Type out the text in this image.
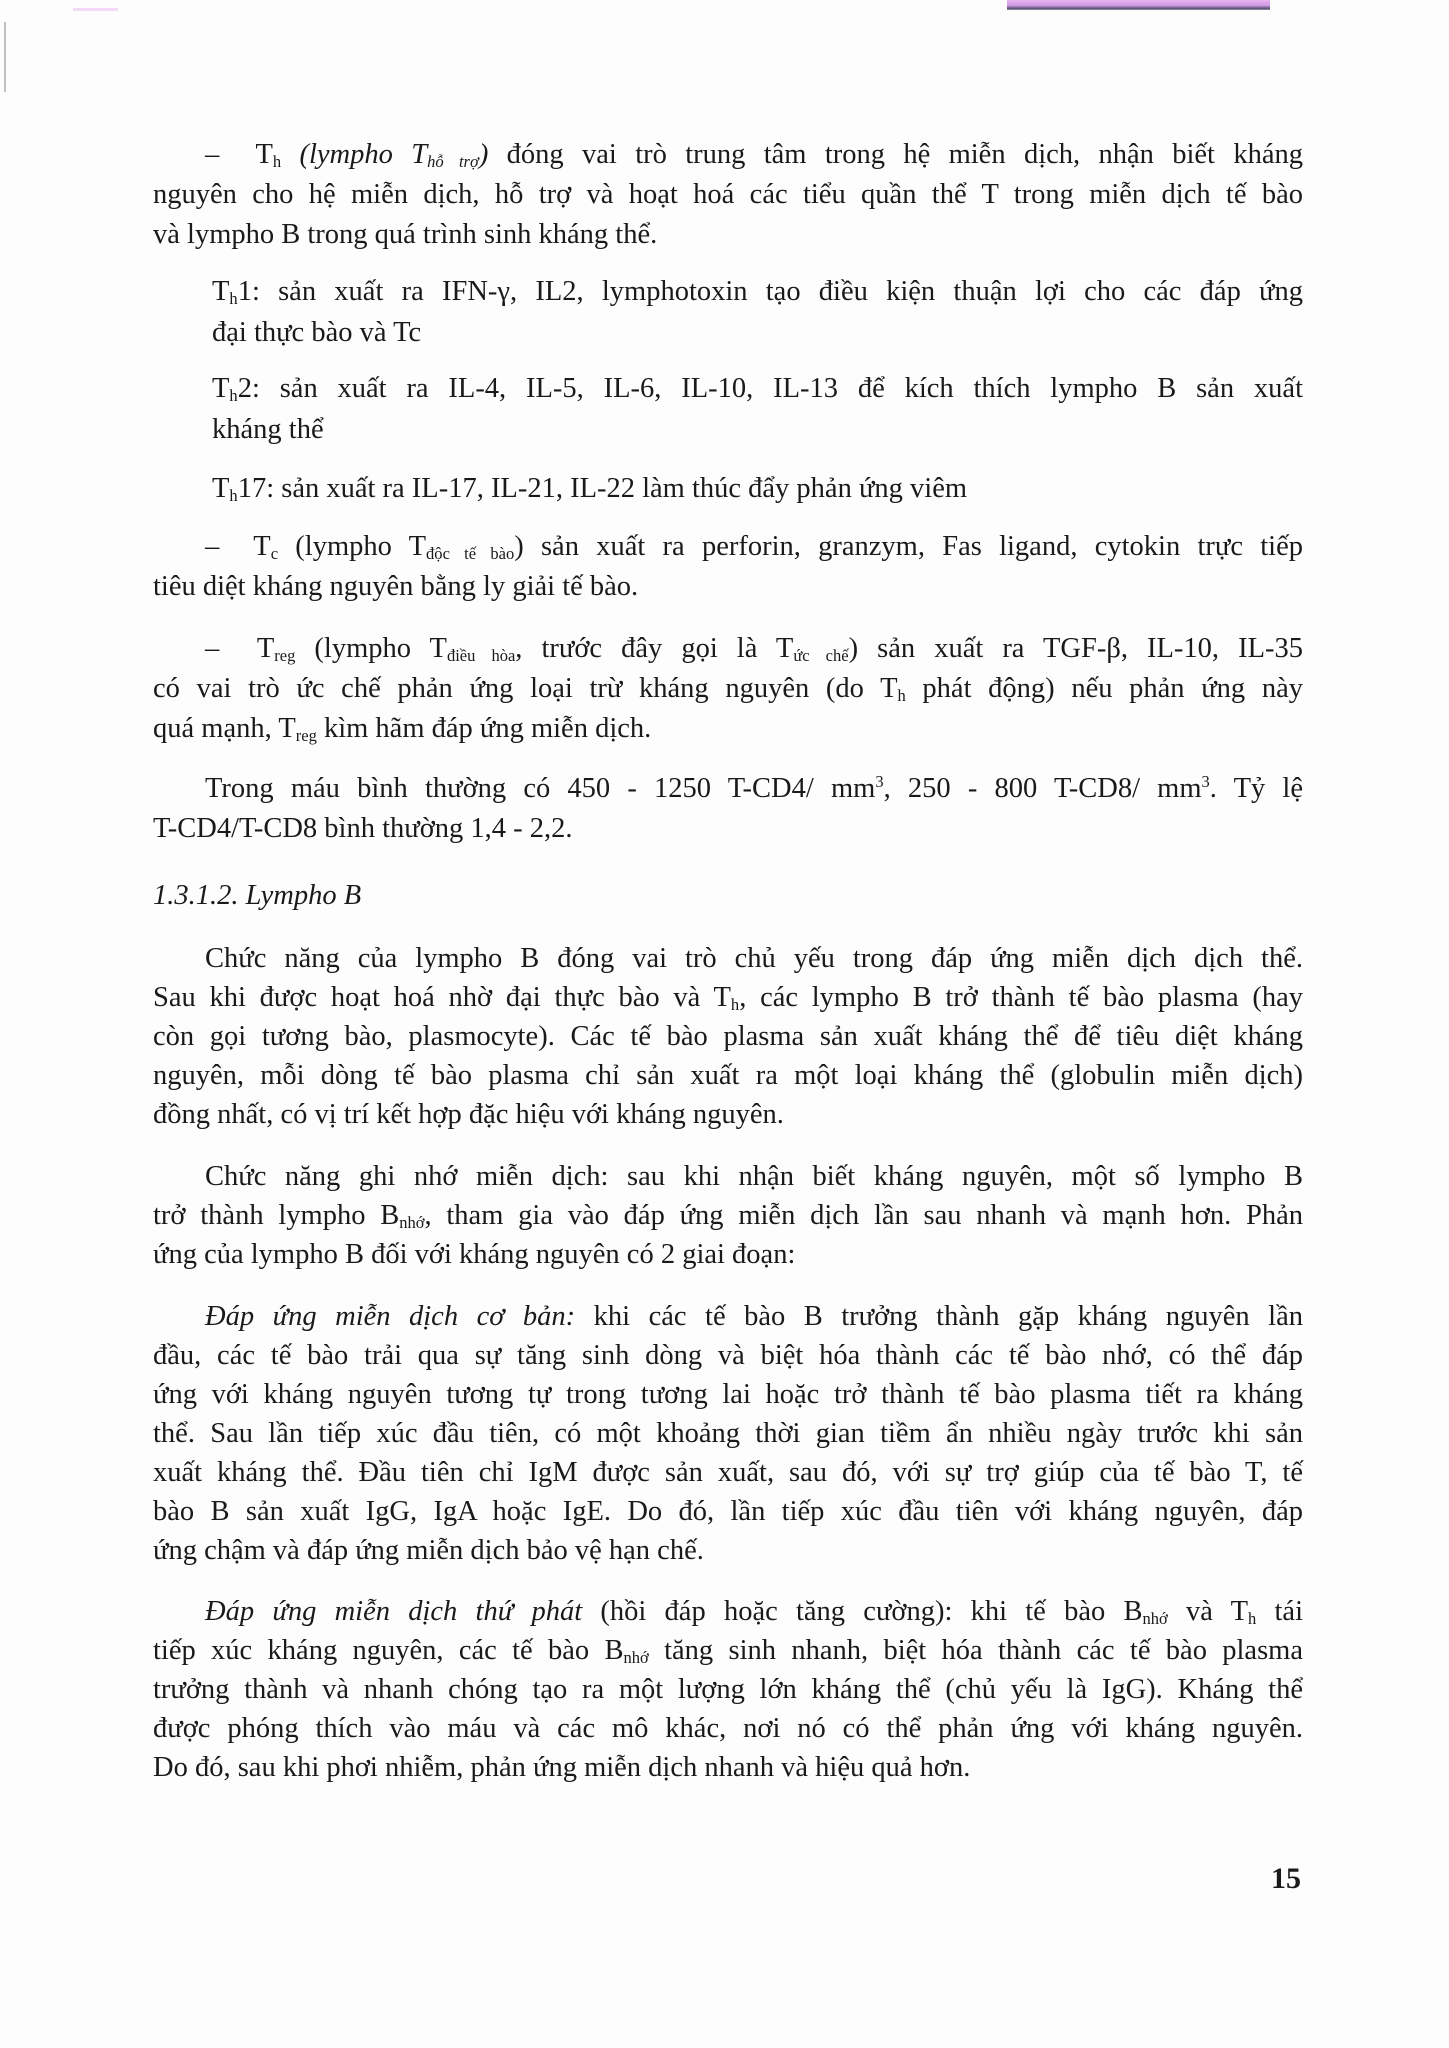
–  $T_h$ (lympho $T_{hỗ trợ}$) đóng vai trò trung tâm trong hệ miễn dịch, nhận biết kháng
nguyên cho hệ miễn dịch, hỗ trợ và hoạt hoá các tiểu quần thể T trong miễn dịch tế bào
và lympho B trong quá trình sinh kháng thể.
$T_h1$: sản xuất ra IFN-γ, IL2, lymphotoxin tạo điều kiện thuận lợi cho các đáp ứng
đại thực bào và Tc
$T_h2$: sản xuất ra IL-4, IL-5, IL-6, IL-10, IL-13 để kích thích lympho B sản xuất
kháng thể
$T_h17$: sản xuất ra IL-17, IL-21, IL-22 làm thúc đẩy phản ứng viêm
–  $T_c$ (lympho $T_{độc tế bào}$) sản xuất ra perforin, granzym, Fas ligand, cytokin trực tiếp
tiêu diệt kháng nguyên bằng ly giải tế bào.
–  $T_{reg}$ (lympho $T_{điều hòa}$, trước đây gọi là $T_{ức chế}$) sản xuất ra TGF-β, IL-10, IL-35
có vai trò ức chế phản ứng loại trừ kháng nguyên (do $T_h$ phát động) nếu phản ứng này
quá mạnh, $T_{reg}$ kìm hãm đáp ứng miễn dịch.
Trong máu bình thường có 450 - 1250 T-CD4/ $mm^3$, 250 - 800 T-CD8/ $mm^3$. Tỷ lệ
T-CD4/T-CD8 bình thường 1,4 - 2,2.
1.3.1.2. Lympho B
Chức năng của lympho B đóng vai trò chủ yếu trong đáp ứng miễn dịch dịch thể.
Sau khi được hoạt hoá nhờ đại thực bào và $T_h$, các lympho B trở thành tế bào plasma (hay
còn gọi tương bào, plasmocyte). Các tế bào plasma sản xuất kháng thể để tiêu diệt kháng
nguyên, mỗi dòng tế bào plasma chỉ sản xuất ra một loại kháng thể (globulin miễn dịch)
đồng nhất, có vị trí kết hợp đặc hiệu với kháng nguyên.
Chức năng ghi nhớ miễn dịch: sau khi nhận biết kháng nguyên, một số lympho B
trở thành lympho $B_{nhớ}$, tham gia vào đáp ứng miễn dịch lần sau nhanh và mạnh hơn. Phản
ứng của lympho B đối với kháng nguyên có 2 giai đoạn:
Đáp ứng miễn dịch cơ bản: khi các tế bào B trưởng thành gặp kháng nguyên lần
đầu, các tế bào trải qua sự tăng sinh dòng và biệt hóa thành các tế bào nhớ, có thể đáp
ứng với kháng nguyên tương tự trong tương lai hoặc trở thành tế bào plasma tiết ra kháng
thể. Sau lần tiếp xúc đầu tiên, có một khoảng thời gian tiềm ẩn nhiều ngày trước khi sản
xuất kháng thể. Đầu tiên chỉ IgM được sản xuất, sau đó, với sự trợ giúp của tế bào T, tế
bào B sản xuất IgG, IgA hoặc IgE. Do đó, lần tiếp xúc đầu tiên với kháng nguyên, đáp
ứng chậm và đáp ứng miễn dịch bảo vệ hạn chế.
Đáp ứng miễn dịch thứ phát (hồi đáp hoặc tăng cường): khi tế bào $B_{nhớ}$ và $T_h$ tái
tiếp xúc kháng nguyên, các tế bào $B_{nhớ}$ tăng sinh nhanh, biệt hóa thành các tế bào plasma
trưởng thành và nhanh chóng tạo ra một lượng lớn kháng thể (chủ yếu là IgG). Kháng thể
được phóng thích vào máu và các mô khác, nơi nó có thể phản ứng với kháng nguyên.
Do đó, sau khi phơi nhiễm, phản ứng miễn dịch nhanh và hiệu quả hơn.
15
